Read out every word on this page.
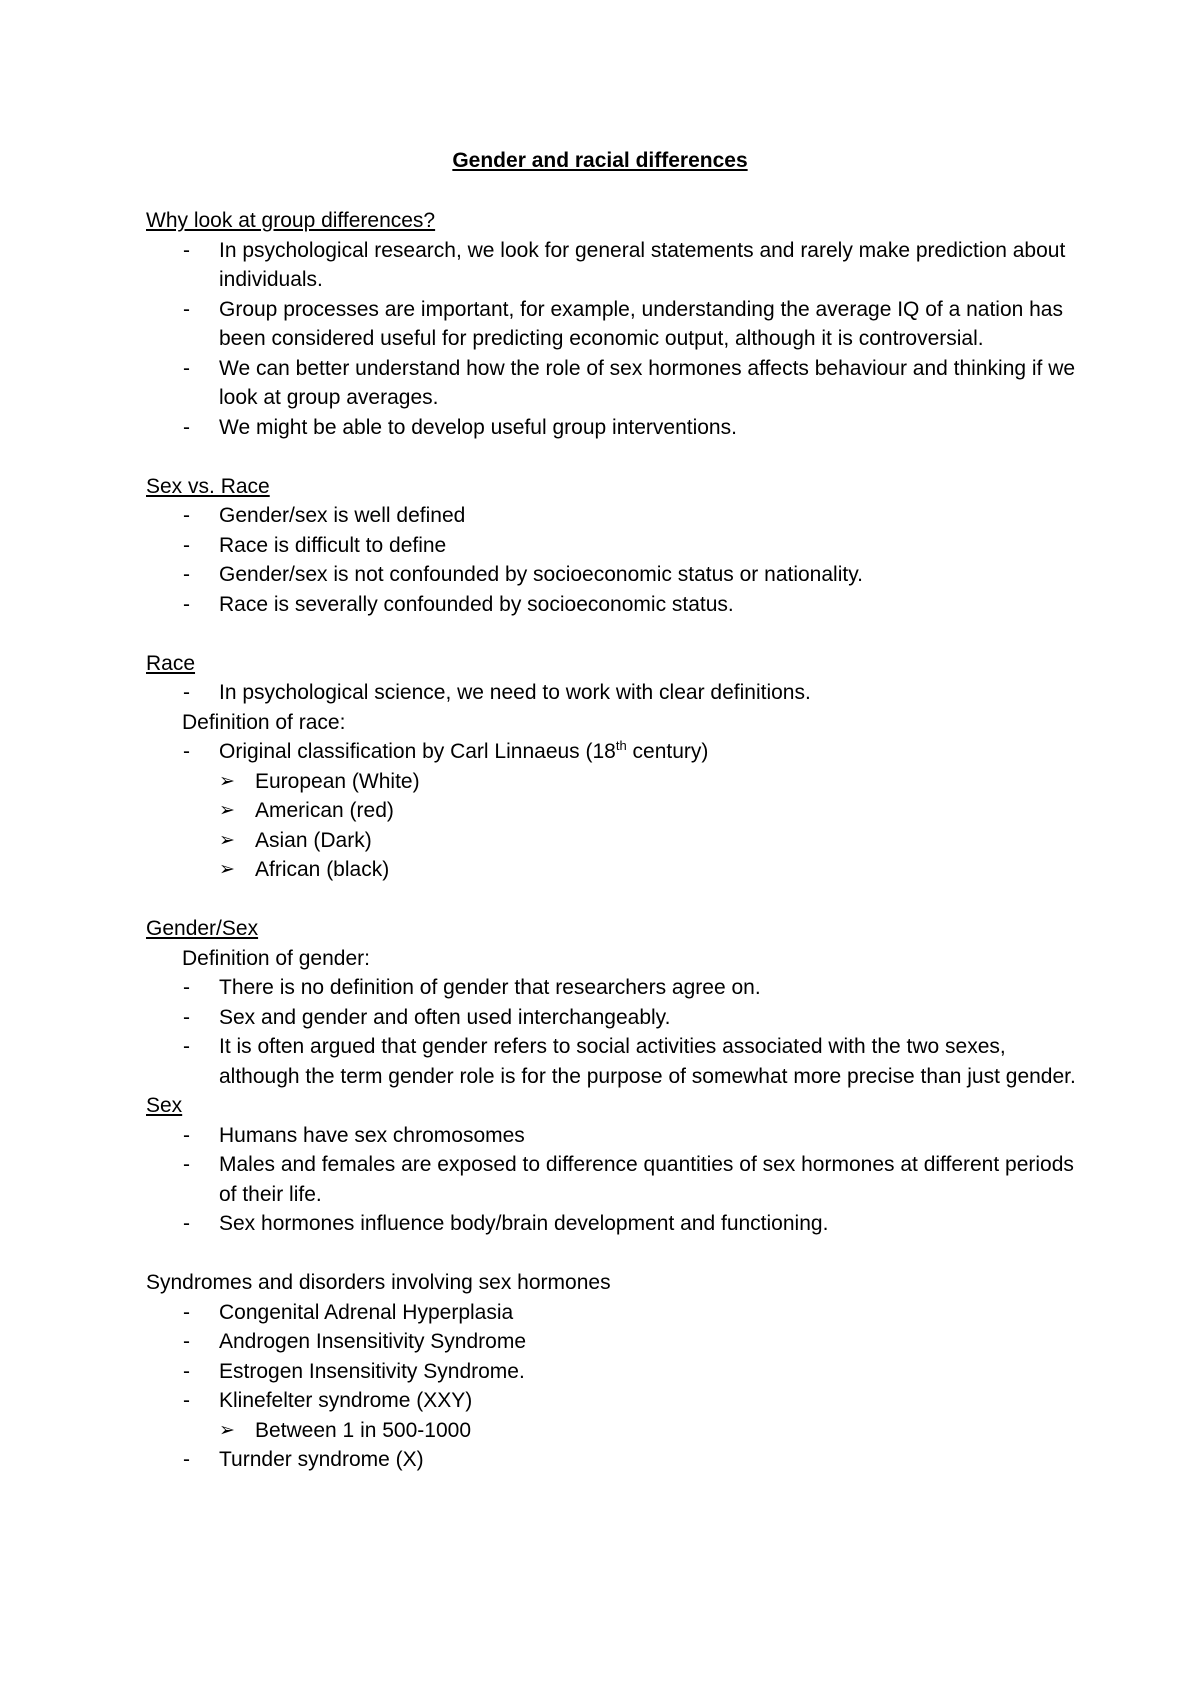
Gender and racial differences
Why look at group differences?
- In psychological research, we look for general statements and rarely make prediction about individuals.
- Group processes are important, for example, understanding the average IQ of a nation has been considered useful for predicting economic output, although it is controversial.
- We can better understand how the role of sex hormones affects behaviour and thinking if we look at group averages.
- We might be able to develop useful group interventions.
Sex vs. Race
- Gender/sex is well defined
- Race is difficult to define
- Gender/sex is not confounded by socioeconomic status or nationality.
- Race is severally confounded by socioeconomic status.
Race
- In psychological science, we need to work with clear definitions.
Definition of race:
- Original classification by Carl Linnaeus (18th century)
➢ European (White)
➢ American (red)
➢ Asian (Dark)
➢ African (black)
Gender/Sex
Definition of gender:
- There is no definition of gender that researchers agree on.
- Sex and gender and often used interchangeably.
- It is often argued that gender refers to social activities associated with the two sexes, although the term gender role is for the purpose of somewhat more precise than just gender.
Sex
- Humans have sex chromosomes
- Males and females are exposed to difference quantities of sex hormones at different periods of their life.
- Sex hormones influence body/brain development and functioning.
Syndromes and disorders involving sex hormones
- Congenital Adrenal Hyperplasia
- Androgen Insensitivity Syndrome
- Estrogen Insensitivity Syndrome.
- Klinefelter syndrome (XXY)
➢ Between 1 in 500-1000
- Turnder syndrome (X)
